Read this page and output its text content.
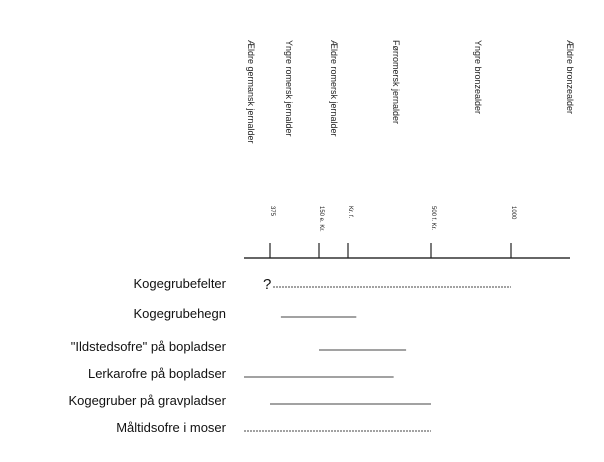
Ældre germansk jernalder	Yngre romersk jernalder	Ældre romersk jernalder	Førromersk jernalder	Yngre bronzealder	Ældre bronzealder
375	150 e. Kr.	Kr. f.	500 f. Kr.	1000
Kogegrubefelter ?
Kogegrubehegn
"Ildstedsofre" på bopladser
Lerkarofre på bopladser
Kogegruber på gravpladser
Måltidsofre i moser
